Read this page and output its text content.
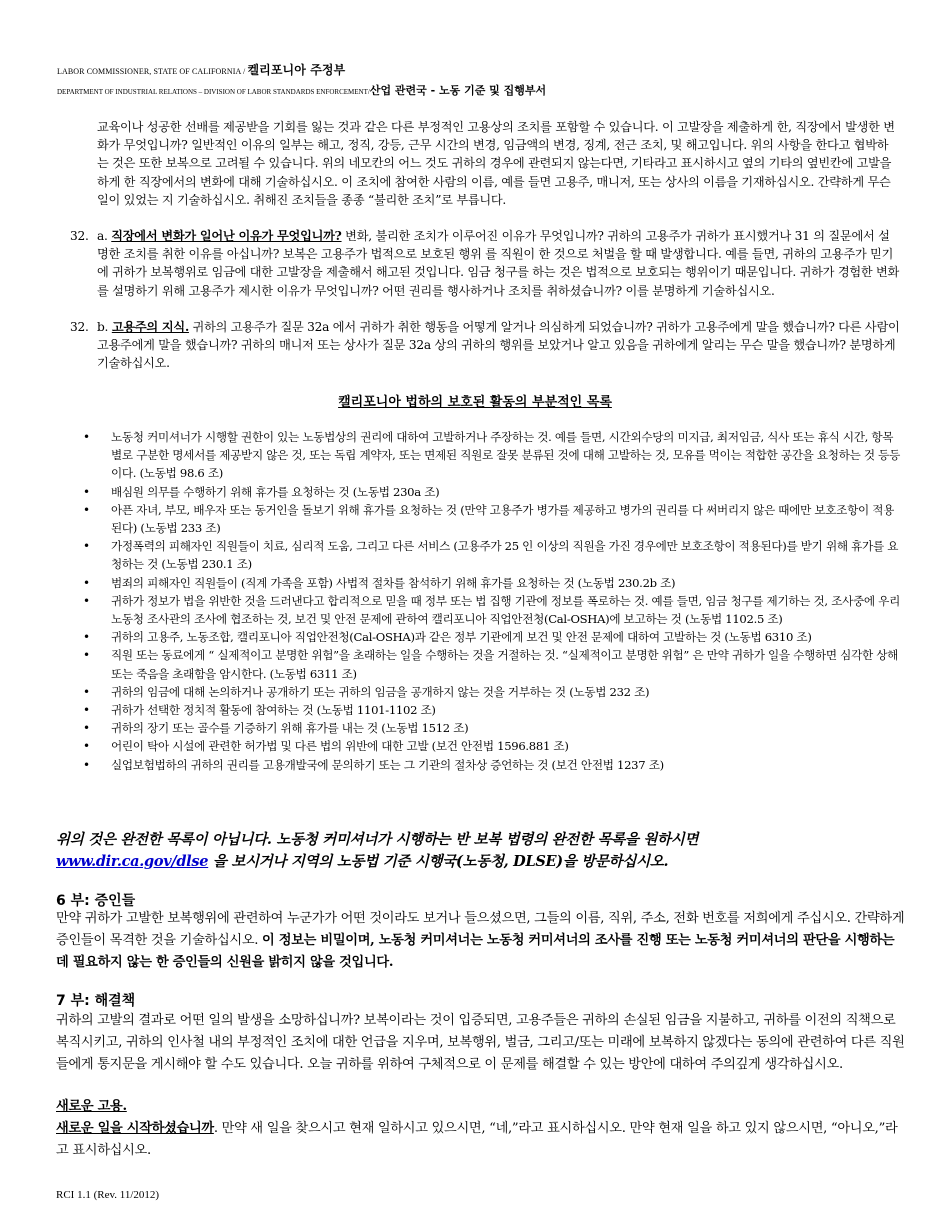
LABOR COMMISSIONER, STATE OF CALIFORNIA / 켈리포니아 주정부
DEPARTMENT OF INDUSTRIAL RELATIONS – DIVISION OF LABOR STANDARDS ENFORCEMENT/산업 관련국 - 노동 기준 및 집행부서

교육이나 성공한 선배를 제공받을 기회를 잃는 것과 같은 다른 부정적인 고용상의 조치를 포함할 수 있습니다. 이 고발장을 제출하게 한, 직장에서 발생한 변화가 무엇입니까? 일반적인 이유의 일부는 해고, 정직, 강등, 근무 시간의 변경, 임금액의 변경, 징계, 전근 조치, 및 해고입니다. 위의 사항을 한다고 협박하는 것은 또한 보복으로 고려될 수 있습니다. 위의 네모칸의 어느 것도 귀하의 경우에 관련되지 않는다면, 기타라고 표시하시고 옆의 기타의 옆빈칸에 고발을 하게 한 직장에서의 변화에 대해 기술하십시오. 이 조치에 참여한 사람의 이름, 예를 들면 고용주, 매니저, 또는 상사의 이름을 기재하십시오. 간략하게 무슨 일이 있었는 지 기술하십시오. 취해진 조치들을 종종 “불리한 조치”로 부릅니다.

32. a. 직장에서 변화가 일어난 이유가 무엇입니까? 변화, 불리한 조치가 이루어진 이유가 무엇입니까? 귀하의 고용주가 귀하가 표시했거나 31 의 질문에서 설명한 조치를 취한 이유를 아십니까? 보복은 고용주가 법적으로 보호된 행위 를 직원이 한 것으로 처벌을 할 때 발생합니다. 예를 들면, 귀하의 고용주가 믿기에 귀하가 보복행위로 임금에 대한 고발장을 제출해서 해고된 것입니다. 임금 청구를 하는 것은 법적으로 보호되는 행위이기 때문입니다. 귀하가 경험한 변화를 설명하기 위해 고용주가 제시한 이유가 무엇입니까? 어떤 권리를 행사하거나 조치를 취하셨습니까? 이를 분명하게 기술하십시오.
32. b. 고용주의 지식. 귀하의 고용주가 질문 32a 에서 귀하가 취한 행동을 어떻게 알거나 의심하게 되었습니까? 귀하가 고용주에게 말을 했습니까? 다른 사람이 고용주에게 말을 했습니까? 귀하의 매니저 또는 상사가 질문 32a 상의 귀하의 행위를 보았거나 알고 있음을 귀하에게 알리는 무슨 말을 했습니까? 분명하게 기술하십시오.
캘리포니아 법하의 보호된 활동의 부분적인 목록
• 노동청 커미셔너가 시행할 권한이 있는 노동법상의 권리에 대하여 고발하거나 주장하는 것. 예를 들면, 시간외수당의 미지급, 최저임금, 식사 또는 휴식 시간, 항목별로 구분한 명세서를 제공받지 않은 것, 또는 독립 계약자, 또는 면제된 직원로 잘못 분류된 것에 대해 고발하는 것, 모유를 먹이는 적합한 공간을 요청하는 것 등등이다. (노동법 98.6 조)
• 배심원 의무를 수행하기 위해 휴가를 요청하는 것 (노동법 230a 조)
• 아픈 자녀, 부모, 배우자 또는 동거인을 돌보기 위해 휴가를 요청하는 것 (만약 고용주가 병가를 제공하고 병가의 권리를 다 써버리지 않은 때에만 보호조항이 적용된다) (노동법 233 조)
• 가정폭력의 피해자인 직원들이 치료, 심리적 도움, 그리고 다른 서비스 (고용주가 25 인 이상의 직원을 가진 경우에만 보호조항이 적용된다)를 받기 위해 휴가를 요청하는 것 (노동법 230.1 조)
• 범죄의 피해자인 직원들이 (직계 가족을 포함) 사법적 절차를 참석하기 위해 휴가를 요청하는 것 (노동법 230.2b 조)
• 귀하가 정보가 법을 위반한 것을 드러낸다고 합리적으로 믿을 때 정부 또는 법 집행 기관에 정보를 폭로하는 것. 예를 들면, 임금 청구를 제기하는 것, 조사중에 우리 노동청 조사관의 조사에 협조하는 것, 보건 및 안전 문제에 관하여 캘리포니아 직업안전청(Cal-OSHA)에 보고하는 것 (노동법 1102.5 조)
• 귀하의 고용주, 노동조합, 캘리포니아 직업안전청(Cal-OSHA)과 같은 정부 기관에게 보건 및 안전 문제에 대하여 고발하는 것 (노동법 6310 조)
• 직원 또는 동료에게 “ 실제적이고 분명한 위험”을 초래하는 일을 수행하는 것을 거절하는 것. “실제적이고 분명한 위험” 은 만약 귀하가 일을 수행하면 심각한 상해 또는 죽음을 초래함을 암시한다. (노동법 6311 조)
• 귀하의 임금에 대해 논의하거나 공개하기 또는 귀하의 임금을 공개하지 않는 것을 거부하는 것 (노동법 232 조)
• 귀하가 선택한 정치적 활동에 참여하는 것 (노동법 1101-1102 조)
• 귀하의 장기 또는 골수를 기증하기 위해 휴가를 내는 것 (노동법 1512 조)
• 어린이 탁아 시설에 관련한 허가법 및 다른 법의 위반에 대한 고발 (보건 안전법 1596.881 조)
• 실업보험법하의 귀하의 권리를 고용개발국에 문의하기 또는 그 기관의 절차상 증언하는 것 (보건 안전법 1237 조)
위의 것은 완전한 목록이 아닙니다. 노동청 커미셔너가 시행하는 반 보복 법령의 완전한 목록을 원하시면
www.dir.ca.gov/dlse 을 보시거나 지역의 노동법 기준 시행국(노동청, DLSE)을 방문하십시오.
6 부: 증인들
만약 귀하가 고발한 보복행위에 관련하여 누군가가 어떤 것이라도 보거나 들으셨으면, 그들의 이름, 직위, 주소, 전화 번호를 저희에게 주십시오. 간략하게 증인들이 목격한 것을 기술하십시오. 이 정보는 비밀이며, 노동청 커미셔너는 노동청 커미셔너의 조사를 진행 또는 노동청 커미셔너의 판단을 시행하는 데 필요하지 않는 한 증인들의 신원을 밝히지 않을 것입니다.
7 부: 해결책
귀하의 고발의 결과로 어떤 일의 발생을 소망하십니까? 보복이라는 것이 입증되면, 고용주들은 귀하의 손실된 임금을 지불하고, 귀하를 이전의 직책으로 복직시키고, 귀하의 인사철 내의 부정적인 조치에 대한 언급을 지우며, 보복행위, 벌금, 그리고/또는 미래에 보복하지 않겠다는 동의에 관련하여 다른 직원들에게 통지문을 게시해야 할 수도 있습니다. 오늘 귀하를 위하여 구체적으로 이 문제를 해결할 수 있는 방안에 대하여 주의깊게 생각하십시오.
새로운 고용.
새로운 일을 시작하셨습니까. 만약 새 일을 찾으시고 현재 일하시고 있으시면, “네,”라고 표시하십시오. 만약 현재 일을 하고 있지 않으시면, “아니오,”라고 표시하십시오.
RCI 1.1 (Rev. 11/2012)
